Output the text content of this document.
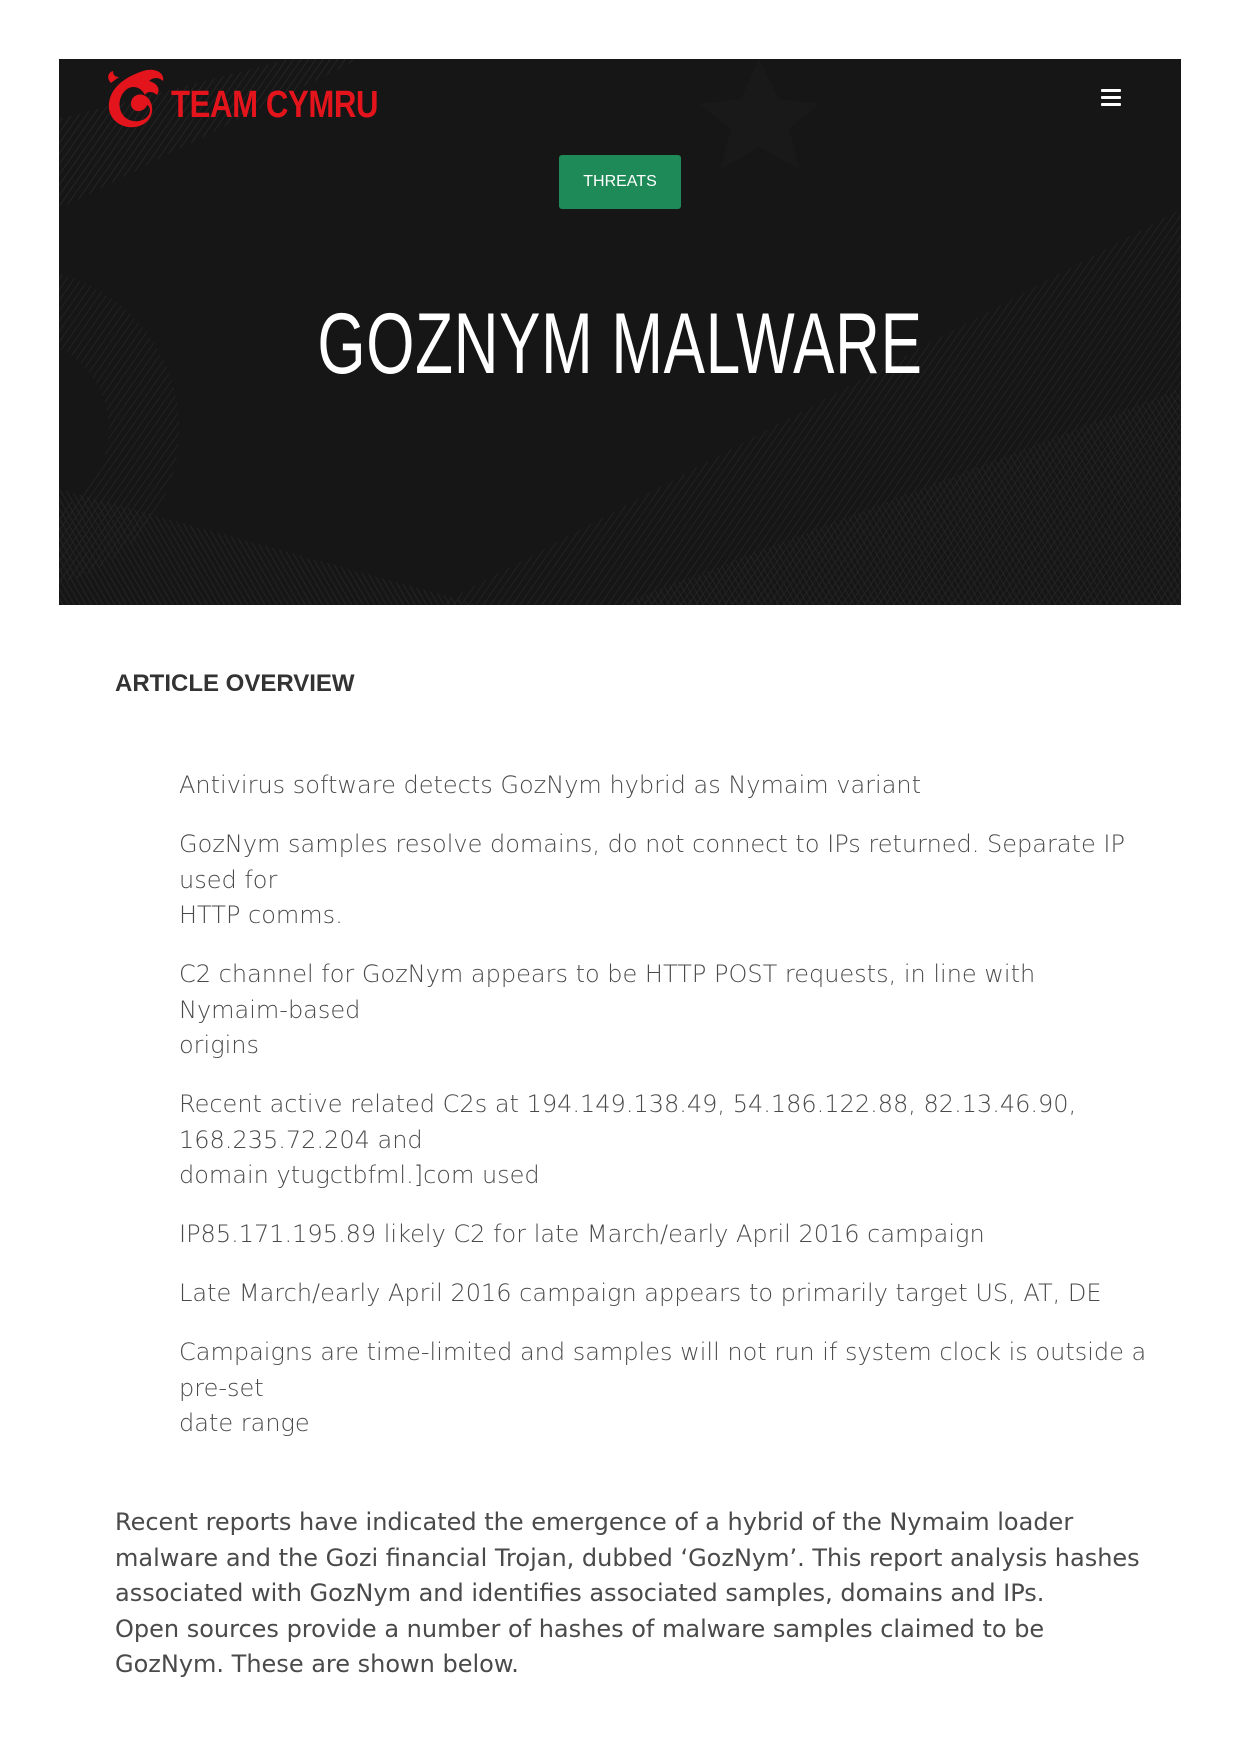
TEAM CYMRU
THREATS
GOZNYM MALWARE
ARTICLE OVERVIEW
Antivirus software detects GozNym hybrid as Nymaim variant
GozNym samples resolve domains, do not connect to IPs returned. Separate IP
used for
HTTP comms.
C2 channel for GozNym appears to be HTTP POST requests, in line with
Nymaim-based
origins
Recent active related C2s at 194.149.138.49, 54.186.122.88, 82.13.46.90,
168.235.72.204 and
domain ytugctbfml.]com used
IP85.171.195.89 likely C2 for late March/early April 2016 campaign
Late March/early April 2016 campaign appears to primarily target US, AT, DE
Campaigns are time-limited and samples will not run if system clock is outside a
pre-set
date range

Recent reports have indicated the emergence of a hybrid of the Nymaim loader
malware and the Gozi financial Trojan, dubbed ‘GozNym’. This report analysis hashes
associated with GozNym and identifies associated samples, domains and IPs.
Open sources provide a number of hashes of malware samples claimed to be
GozNym. These are shown below.
